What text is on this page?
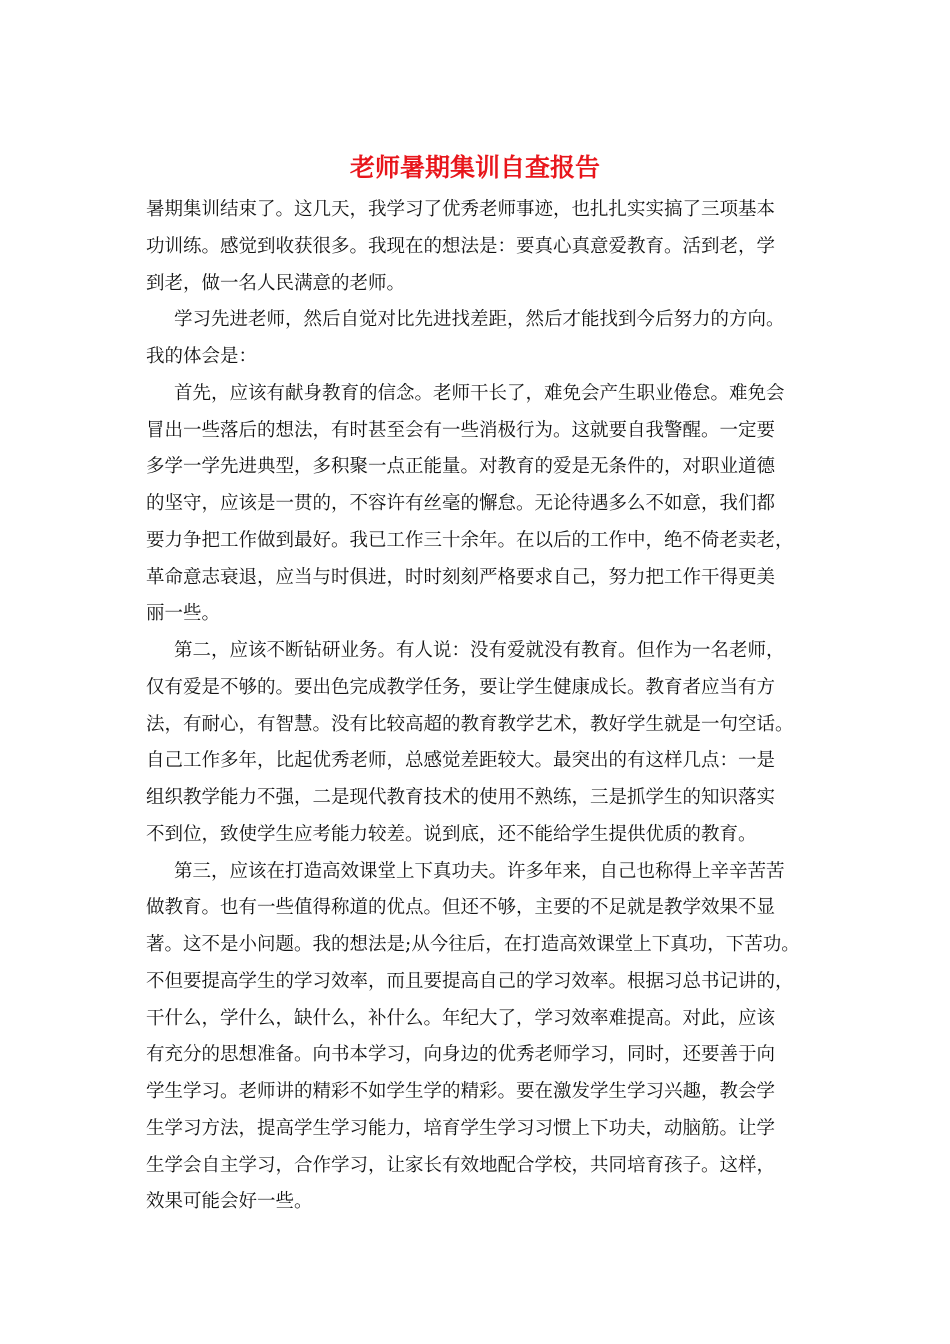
老师暑期集训自查报告
暑期集训结束了。这几天，我学习了优秀老师事迹，也扎扎实实搞了三项基本
功训练。感觉到收获很多。我现在的想法是：要真心真意爱教育。活到老，学
到老，做一名人民满意的老师。
学习先进老师，然后自觉对比先进找差距，然后才能找到今后努力的方向。
我的体会是：
首先，应该有献身教育的信念。老师干长了，难免会产生职业倦怠。难免会
冒出一些落后的想法，有时甚至会有一些消极行为。这就要自我警醒。一定要
多学一学先进典型，多积聚一点正能量。对教育的爱是无条件的，对职业道德
的坚守，应该是一贯的，不容许有丝毫的懈怠。无论待遇多么不如意，我们都
要力争把工作做到最好。我已工作三十余年。在以后的工作中，绝不倚老卖老，
革命意志衰退，应当与时俱进，时时刻刻严格要求自己，努力把工作干得更美
丽一些。
第二，应该不断钻研业务。有人说：没有爱就没有教育。但作为一名老师，
仅有爱是不够的。要出色完成教学任务，要让学生健康成长。教育者应当有方
法，有耐心，有智慧。没有比较高超的教育教学艺术，教好学生就是一句空话。
自己工作多年，比起优秀老师，总感觉差距较大。最突出的有这样几点：一是
组织教学能力不强，二是现代教育技术的使用不熟练，三是抓学生的知识落实
不到位，致使学生应考能力较差。说到底，还不能给学生提供优质的教育。
第三，应该在打造高效课堂上下真功夫。许多年来，自己也称得上辛辛苦苦
做教育。也有一些值得称道的优点。但还不够，主要的不足就是教学效果不显
著。这不是小问题。我的想法是;从今往后，在打造高效课堂上下真功，下苦功。
不但要提高学生的学习效率，而且要提高自己的学习效率。根据习总书记讲的，
干什么，学什么，缺什么，补什么。年纪大了，学习效率难提高。对此，应该
有充分的思想准备。向书本学习，向身边的优秀老师学习，同时，还要善于向
学生学习。老师讲的精彩不如学生学的精彩。要在激发学生学习兴趣，教会学
生学习方法，提高学生学习能力，培育学生学习习惯上下功夫，动脑筋。让学
生学会自主学习，合作学习，让家长有效地配合学校，共同培育孩子。这样，
效果可能会好一些。
